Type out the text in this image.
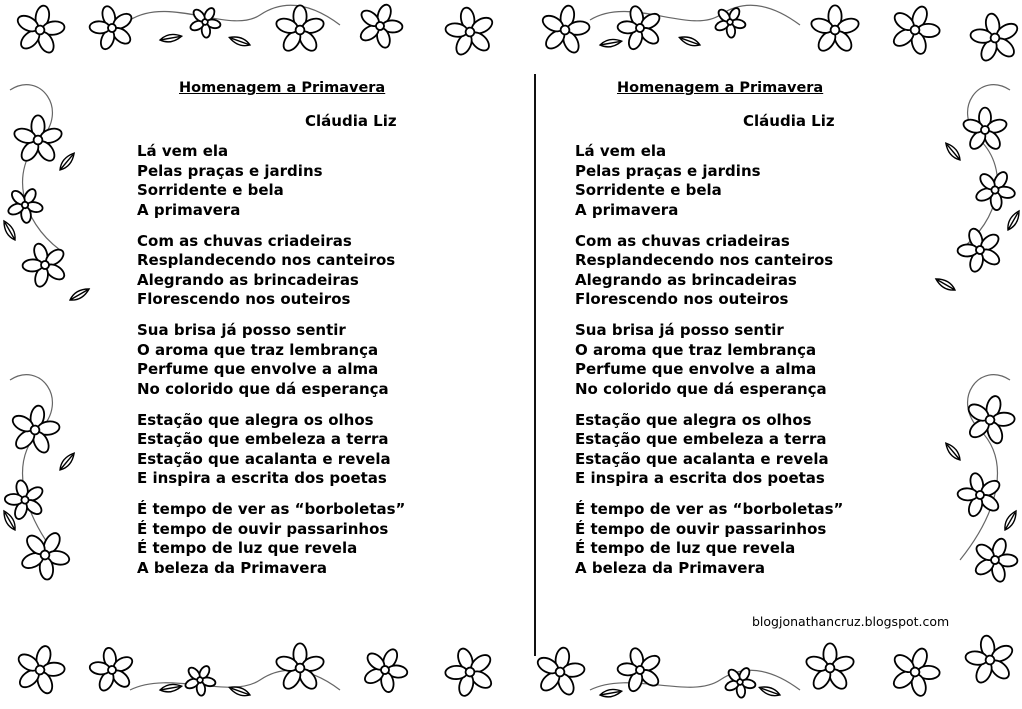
Homenagem a Primavera
Cláudia Liz
Lá vem ela
Pelas praças e jardins
Sorridente e bela
A primavera
Com as chuvas criadeiras
Resplandecendo nos canteiros
Alegrando as brincadeiras
Florescendo nos outeiros
Sua brisa já posso sentir
O aroma que traz lembrança
Perfume que envolve a alma
No colorido que dá esperança
Estação que alegra os olhos
Estação que embeleza a terra
Estação que acalanta e revela
E inspira a escrita dos poetas
É tempo de ver as “borboletas”
É tempo de ouvir passarinhos
É tempo de luz que revela
A beleza da Primavera
Homenagem a Primavera
Cláudia Liz
Lá vem ela
Pelas praças e jardins
Sorridente e bela
A primavera
Com as chuvas criadeiras
Resplandecendo nos canteiros
Alegrando as brincadeiras
Florescendo nos outeiros
Sua brisa já posso sentir
O aroma que traz lembrança
Perfume que envolve a alma
No colorido que dá esperança
Estação que alegra os olhos
Estação que embeleza a terra
Estação que acalanta e revela
E inspira a escrita dos poetas
É tempo de ver as “borboletas”
É tempo de ouvir passarinhos
É tempo de luz que revela
A beleza da Primavera
blogjonathancruz.blogspot.com
